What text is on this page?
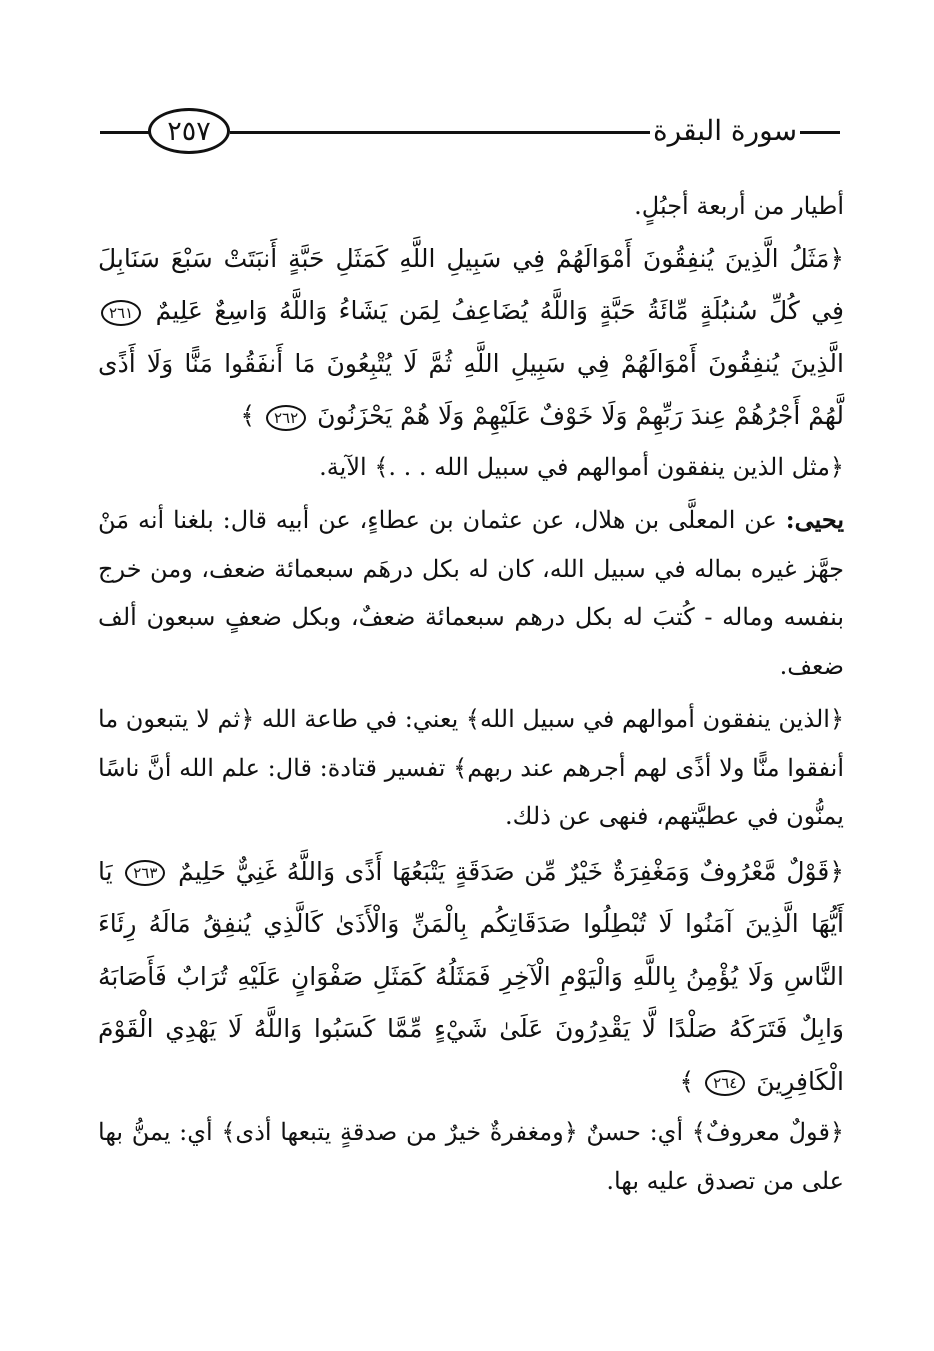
٢٥٧	سورة البقرة

أطيار من أربعة أجبُلٍ.

﴿مَثَلُ الَّذِينَ يُنفِقُونَ أَمْوَالَهُمْ فِي سَبِيلِ اللَّهِ كَمَثَلِ حَبَّةٍ أَنبَتَتْ سَبْعَ سَنَابِلَ فِي كُلِّ سُنبُلَةٍ مِّائَةُ حَبَّةٍ وَاللَّهُ يُضَاعِفُ لِمَن يَشَاءُ وَاللَّهُ وَاسِعٌ عَلِيمٌ ٢٦١ الَّذِينَ يُنفِقُونَ أَمْوَالَهُمْ فِي سَبِيلِ اللَّهِ ثُمَّ لَا يُتْبِعُونَ مَا أَنفَقُوا مَنًّا وَلَا أَذًى لَّهُمْ أَجْرُهُمْ عِندَ رَبِّهِمْ وَلَا خَوْفٌ عَلَيْهِمْ وَلَا هُمْ يَحْزَنُونَ ٢٦٢ ﴾

﴿مثل الذين ينفقون أموالهم في سبيل الله . . .﴾ الآية.

يحيى: عن المعلَّى بن هلال، عن عثمان بن عطاءٍ، عن أبيه قال: بلغنا أنه مَنْ جهَّز غيره بماله في سبيل الله، كان له بكل درهَم سبعمائة ضعف، ومن خرج بنفسه وماله - كُتبَ له بكل درهم سبعمائة ضعفٌ، وبكل ضعفٍ سبعون ألف ضعف.

﴿الذين ينفقون أموالهم في سبيل الله﴾ يعني: في طاعة الله ﴿ثم لا يتبعون ما أنفقوا منًّا ولا أذًى لهم أجرهم عند ربهم﴾ تفسير قتادة: قال: علم الله أنَّ ناسًا يمنُّون في عطيَّتهم، فنهى عن ذلك.

﴿قَوْلٌ مَّعْرُوفٌ وَمَغْفِرَةٌ خَيْرٌ مِّن صَدَقَةٍ يَتْبَعُهَا أَذًى وَاللَّهُ غَنِيٌّ حَلِيمٌ ٢٦٣ يَا أَيُّهَا الَّذِينَ آمَنُوا لَا تُبْطِلُوا صَدَقَاتِكُم بِالْمَنِّ وَالْأَذَىٰ كَالَّذِي يُنفِقُ مَالَهُ رِئَاءَ النَّاسِ وَلَا يُؤْمِنُ بِاللَّهِ وَالْيَوْمِ الْآخِرِ فَمَثَلُهُ كَمَثَلِ صَفْوَانٍ عَلَيْهِ تُرَابٌ فَأَصَابَهُ وَابِلٌ فَتَرَكَهُ صَلْدًا لَّا يَقْدِرُونَ عَلَىٰ شَيْءٍ مِّمَّا كَسَبُوا وَاللَّهُ لَا يَهْدِي الْقَوْمَ الْكَافِرِينَ ٢٦٤ ﴾

﴿قولٌ معروفٌ﴾ أي: حسنٌ ﴿ومغفرةٌ خيرٌ من صدقةٍ يتبعها أذى﴾ أي: يمنُّ بها على من تصدق عليه بها.
